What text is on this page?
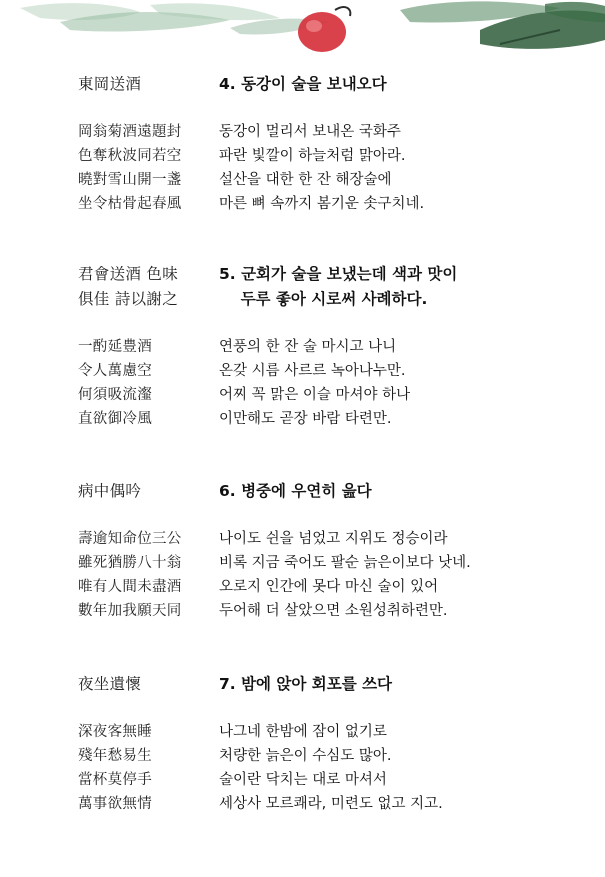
東岡送酒	4. 동강이 술을 보내오다
岡翁菊酒遠題封	동강이 멀리서 보내온 국화주
色奪秋波同若空	파란 빛깔이 하늘처럼 맑아라.
曉對雪山開一盞	설산을 대한 한 잔 해장술에
坐令枯骨起春風	마른 뼈 속까지 봄기운 솟구치네.
君會送酒 色味	5. 군회가 술을 보냈는데 색과 맛이
俱佳 詩以謝之	두루 좋아 시로써 사례하다.
一酌延豊酒	연풍의 한 잔 술 마시고 나니
令人萬慮空	온갖 시름 사르르 녹아나누만.
何須吸流瀣	어찌 꼭 맑은 이슬 마셔야 하나
直欲御冷風	이만해도 곧장 바람 타련만.
病中偶吟	6. 병중에 우연히 읊다
壽逾知命位三公	나이도 쉰을 넘었고 지위도 정승이라
雖死猶勝八十翁	비록 지금 죽어도 팔순 늙은이보다 낫네.
唯有人間未盡酒	오로지 인간에 못다 마신 술이 있어
數年加我願天同	두어해 더 살았으면 소원성취하련만.
夜坐遺懷	7. 밤에 앉아 회포를 쓰다
深夜客無睡	나그네 한밤에 잠이 없기로
殘年愁易生	처량한 늙은이 수심도 많아.
當杯莫停手	술이란 닥치는 대로 마셔서
萬事欲無情	세상사 모르쾌라, 미련도 없고 지고.
